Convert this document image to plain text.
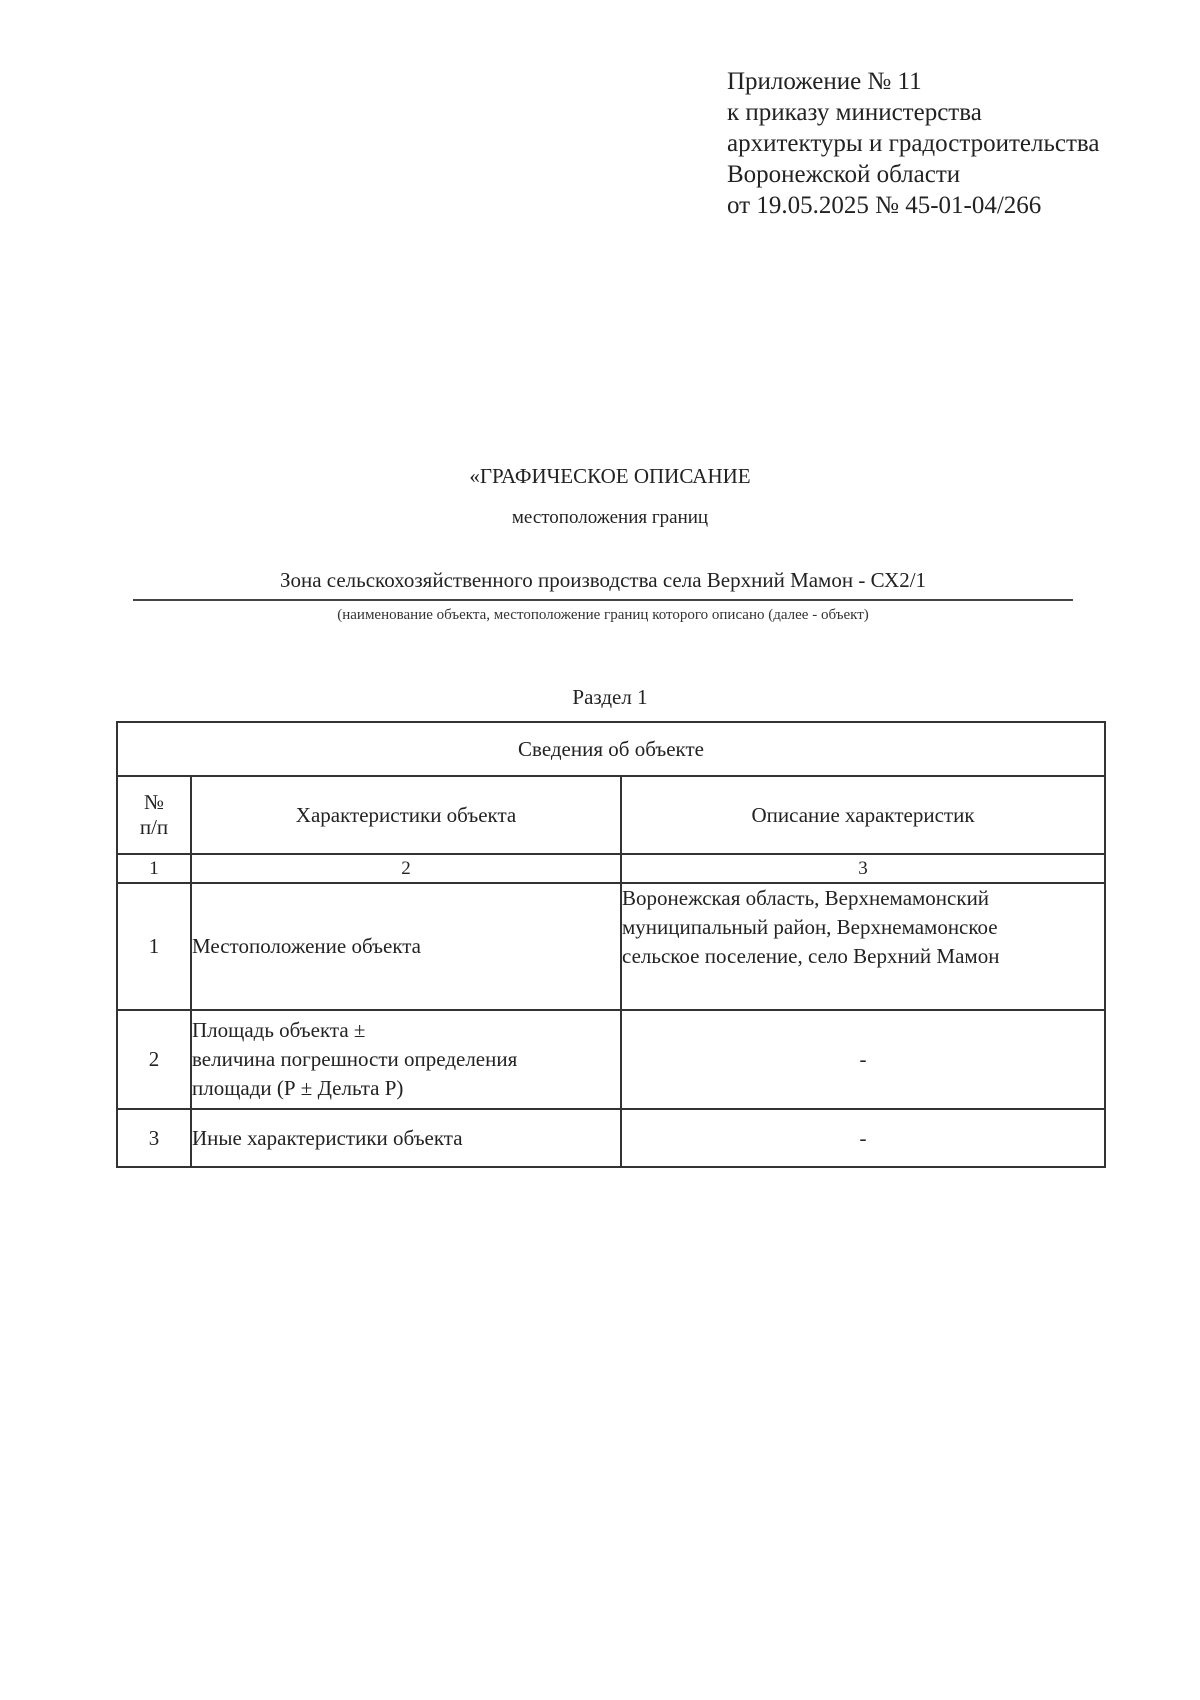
Приложение № 11
к приказу министерства
архитектуры и градостроительства
Воронежской области
от 19.05.2025 № 45-01-04/266
«ГРАФИЧЕСКОЕ ОПИСАНИЕ
местоположения границ
Зона сельскохозяйственного производства села Верхний Мамон - СХ2/1
(наименование объекта, местоположение границ которого описано (далее - объект)
Раздел 1
Сведения об объекте		

№
п/п	Характеристики объекта	Описание характеристик
1	2	3
1	Местоположение объекта	Воронежская область, Верхнемамонский
муниципальный район, Верхнемамонское
сельское поселение, село Верхний Мамон

2	Площадь объекта ±
величина погрешности определения
площади (Р ± Дельта Р)	-
3	Иные характеристики объекта	-
